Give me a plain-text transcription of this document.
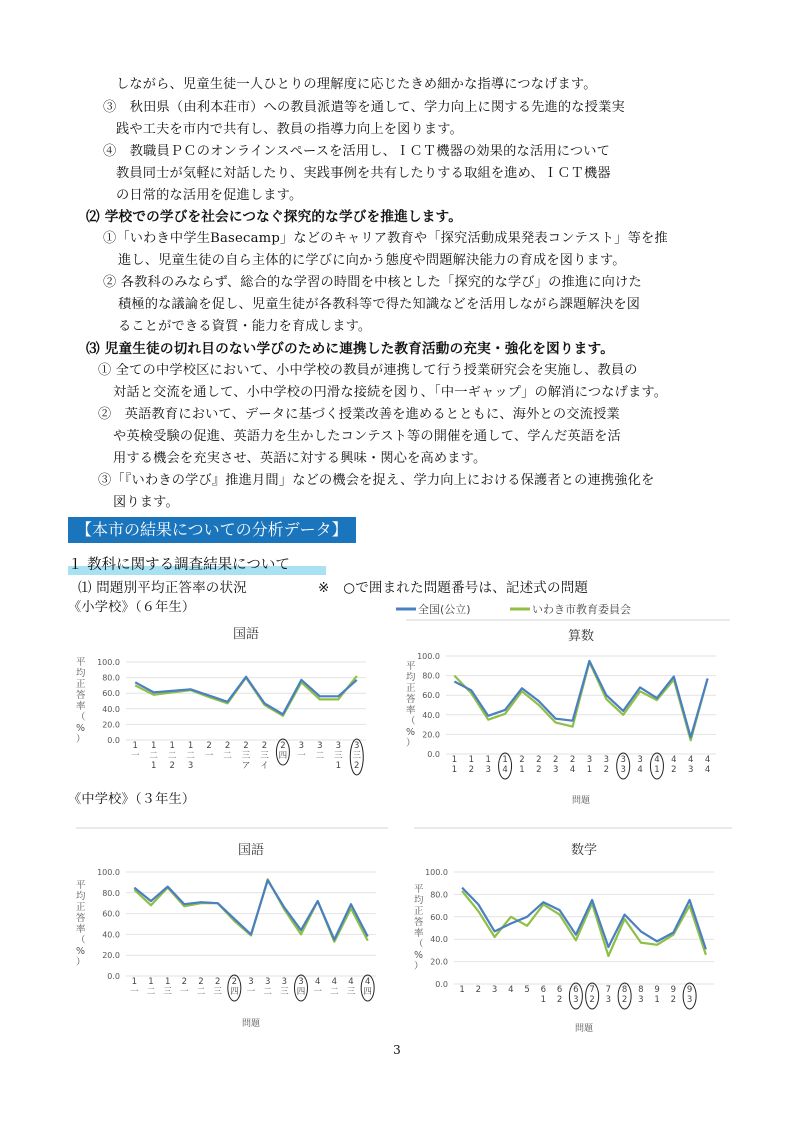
しながら、児童生徒一人ひとりの理解度に応じたきめ細かな指導につなげます。
③　秋田県（由利本荘市）への教員派遣等を通して、学力向上に関する先進的な授業実
践や工夫を市内で共有し、教員の指導力向上を図ります。
④　教職員ＰＣのオンラインスペースを活用し、ＩＣＴ機器の効果的な活用について
教員同士が気軽に対話したり、実践事例を共有したりする取組を進め、ＩＣＴ機器
の日常的な活用を促進します。
⑵ 学校での学びを社会につなぐ探究的な学びを推進します。
①「いわき中学生Basecamp」などのキャリア教育や「探究活動成果発表コンテスト」等を推
進し、児童生徒の自ら主体的に学びに向かう態度や問題解決能力の育成を図ります。
② 各教科のみならず、総合的な学習の時間を中核とした「探究的な学び」の推進に向けた
積極的な議論を促し、児童生徒が各教科等で得た知識などを活用しながら課題解決を図
ることができる資質・能力を育成します。
⑶ 児童生徒の切れ目のない学びのために連携した教育活動の充実・強化を図ります。
① 全ての中学校区において、小中学校の教員が連携して行う授業研究会を実施し、教員の
対話と交流を通して、小中学校の円滑な接続を図り、「中一ギャップ」の解消につなげます。
②　英語教育において、データに基づく授業改善を進めるとともに、海外との交流授業
や英検受験の促進、英語力を生かしたコンテスト等の開催を通して、学んだ英語を活
用する機会を充実させ、英語に対する興味・関心を高めます。
③「『いわきの学び』推進月間」などの機会を捉え、学力向上における保護者との連携強化を
図ります。
【本市の結果についての分析データ】
１ 教科に関する調査結果について
⑴ 問題別平均正答率の状況	※　○で囲まれた問題番号は、記述式の問題
《小学校》（６年生）
《中学校》（３年生）
全国(公立)	いわき市教育委員会
国語
平均正答率（%）	0.0
20.0
40.0
60.0
80.0
100.0
1 一
1 二 1
1 二 2
1 二 3
2 一
2 二
2 三ア
2 三イ
2 四
3 一
3 二
3 三 1
3 三 2
算数
平均正答率（%）
0.0
20.0
40.0
60.0
80.0
100.0
1 1
1 2
1 3
1 4
2 1
2 2
2 3
2 4
3 1
3 2
3 3
3 4
4 1
4 2
4 3
4 4
問題
国語
平均正答率（%）
0.0
20.0
40.0
60.0
80.0
100.0
1 一
1 二
1 三
2 一
2 二
2 三
2 四
3 一
3 二
3 三
3 四
4 一
4 二
4 三
4 四
問題
数学
平均正答率（%）
0.0
20.0
40.0
60.0
80.0
100.0
1 2 3 4 5 6 1
6 2
6 3
7 2
7 3
8 2
8 3
9 1
9 2
9 3
問題
3
